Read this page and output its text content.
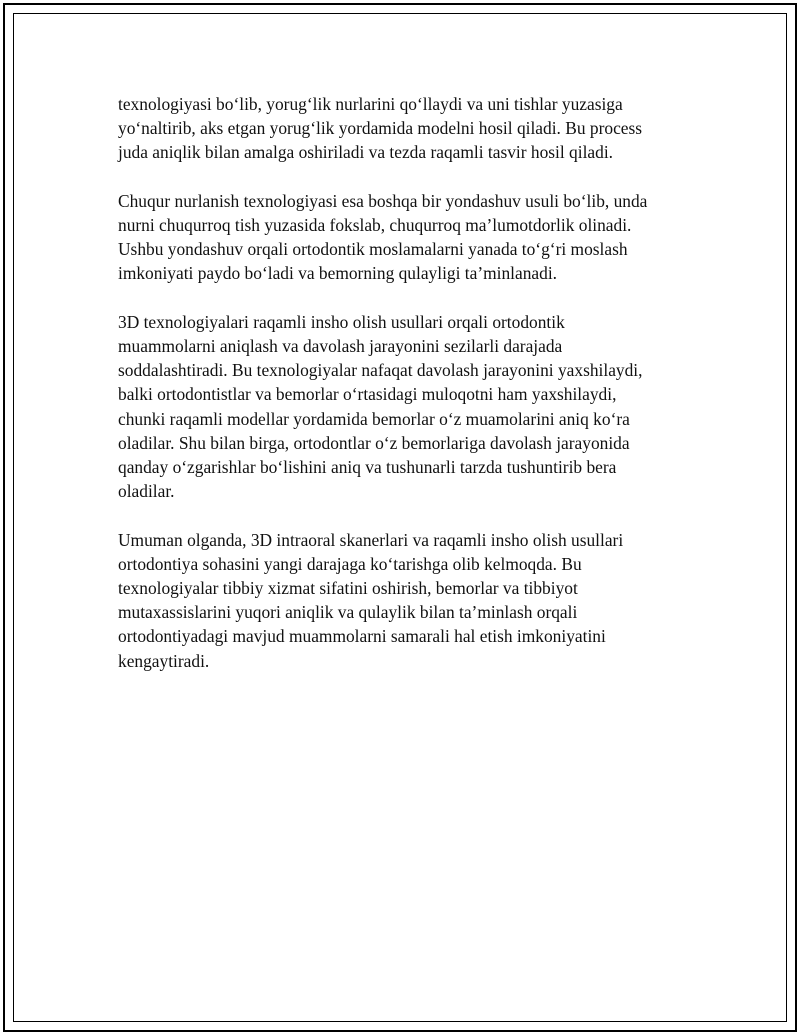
texnologiyasi bo‘lib, yorug‘lik nurlarini qo‘llaydi va uni tishlar yuzasiga
yo‘naltirib, aks etgan yorug‘lik yordamida modelni hosil qiladi. Bu process
juda aniqlik bilan amalga oshiriladi va tezda raqamli tasvir hosil qiladi.

Chuqur nurlanish texnologiyasi esa boshqa bir yondashuv usuli bo‘lib, unda
nurni chuqurroq tish yuzasida fokslab, chuqurroq ma’lumotdorlik olinadi.
Ushbu yondashuv orqali ortodontik moslamalarni yanada to‘g‘ri moslash
imkoniyati paydo bo‘ladi va bemorning qulayligi ta’minlanadi.

3D texnologiyalari raqamli insho olish usullari orqali ortodontik
muammolarni aniqlash va davolash jarayonini sezilarli darajada
soddalashtiradi. Bu texnologiyalar nafaqat davolash jarayonini yaxshilaydi,
balki ortodontistlar va bemorlar o‘rtasidagi muloqotni ham yaxshilaydi,
chunki raqamli modellar yordamida bemorlar o‘z muamolarini aniq ko‘ra
oladilar. Shu bilan birga, ortodontlar o‘z bemorlariga davolash jarayonida
qanday o‘zgarishlar bo‘lishini aniq va tushunarli tarzda tushuntirib bera
oladilar.

Umuman olganda, 3D intraoral skanerlari va raqamli insho olish usullari
ortodontiya sohasini yangi darajaga ko‘tarishga olib kelmoqda. Bu
texnologiyalar tibbiy xizmat sifatini oshirish, bemorlar va tibbiyot
mutaxassislarini yuqori aniqlik va qulaylik bilan ta’minlash orqali
ortodontiyadagi mavjud muammolarni samarali hal etish imkoniyatini
kengaytiradi.
